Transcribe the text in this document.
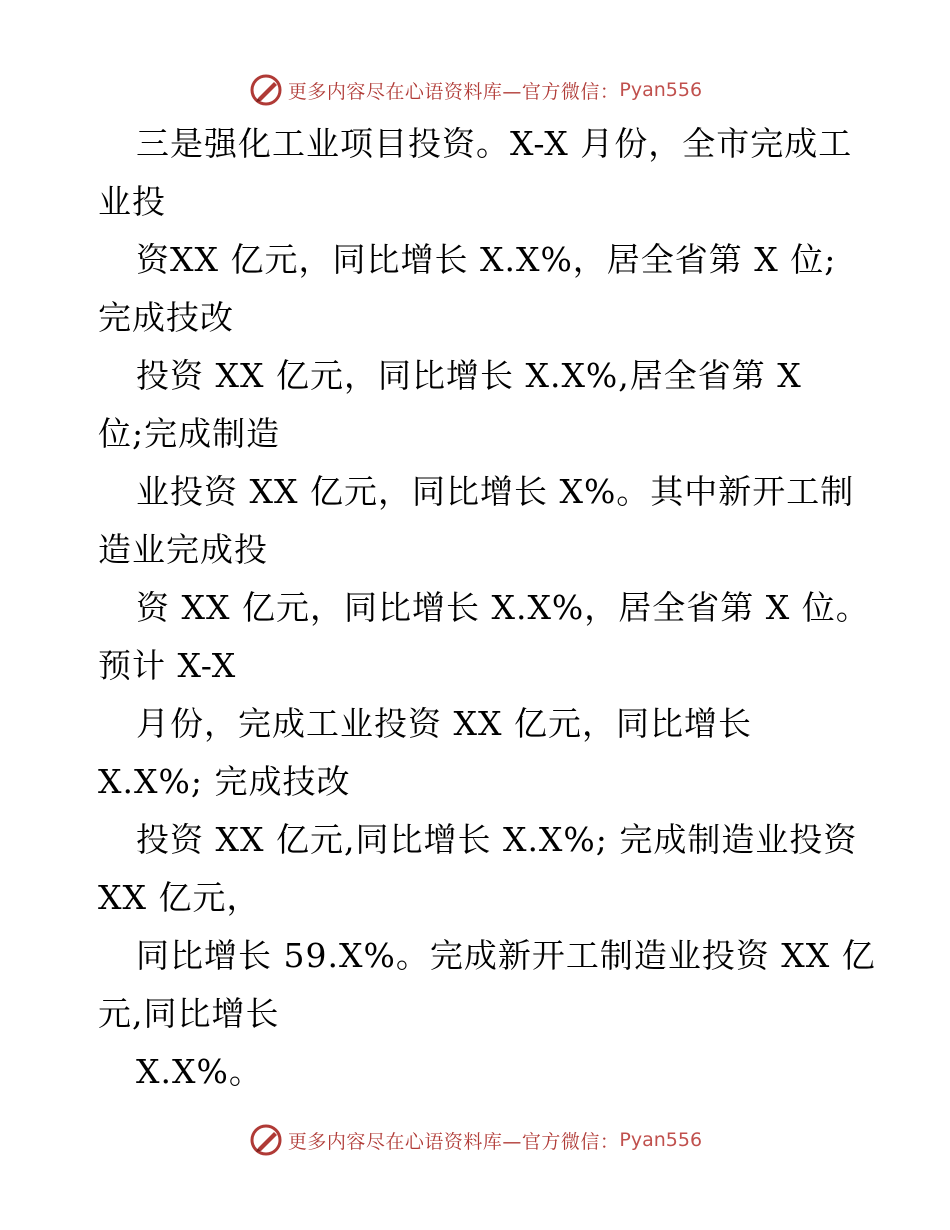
更多内容尽在心语资料库—官方微信： Pyan556
三是强化工业项目投资。X-X 月份，全市完成工
业投
资XX 亿元，同比增长 X.X%，居全省第 X 位;
完成技改
投资 XX 亿元，同比增长 X.X%,居全省第 X
位;完成制造
业投资 XX 亿元，同比增长 X%。其中新开工制
造业完成投
资 XX 亿元，同比增长 X.X%，居全省第 X 位。
预计 X-X
月份，完成工业投资 XX 亿元，同比增长
X.X%; 完成技改
投资 XX 亿元,同比增长 X.X%; 完成制造业投资
XX 亿元，
同比增长 59.X%。完成新开工制造业投资 XX 亿
元,同比增长
X.X%。
更多内容尽在心语资料库—官方微信： Pyan556
